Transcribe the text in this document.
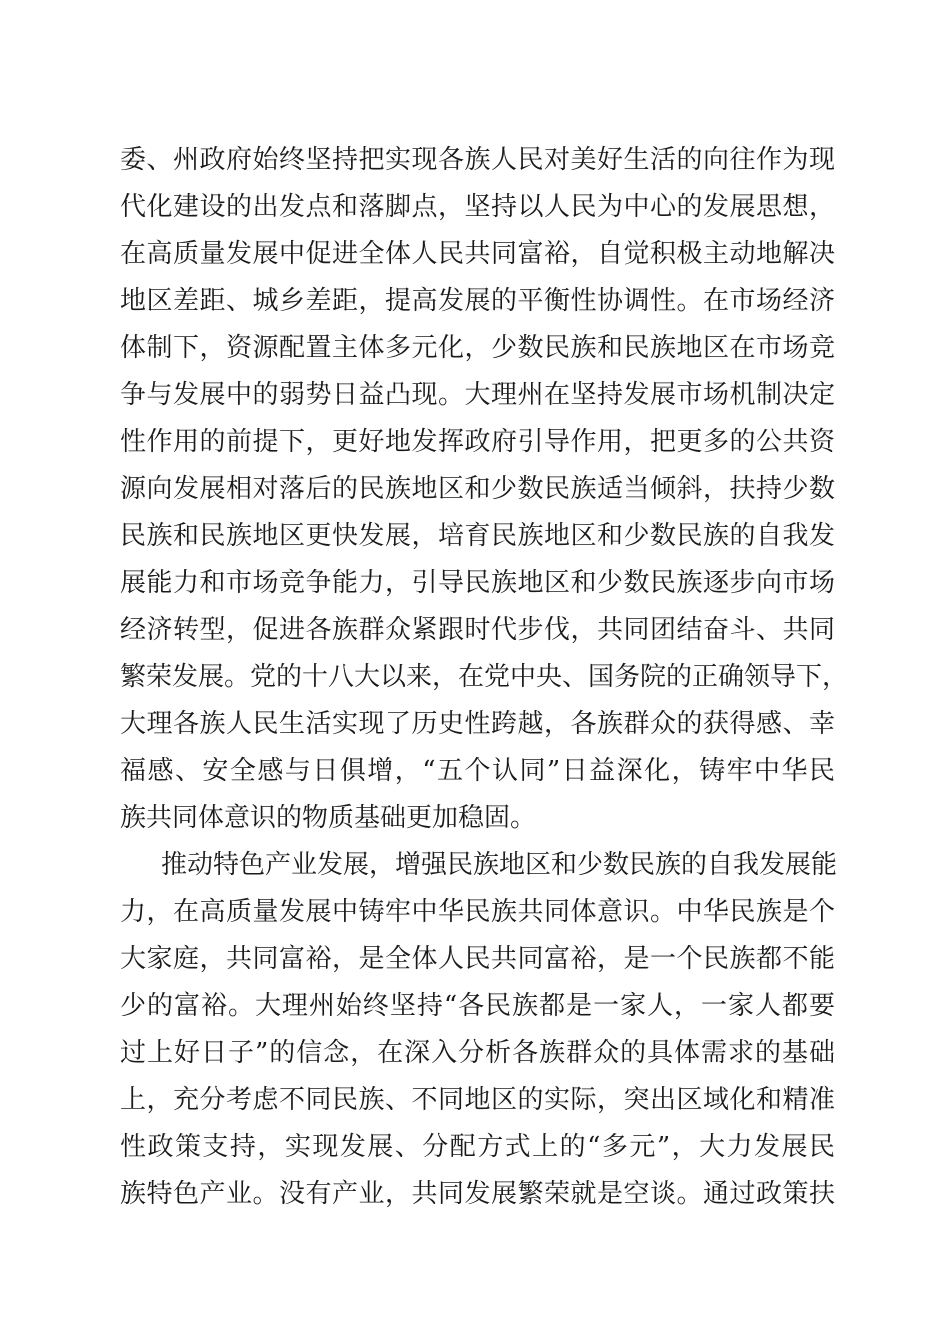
委、州政府始终坚持把实现各族人民对美好生活的向往作为现
代化建设的出发点和落脚点，坚持以人民为中心的发展思想，
在高质量发展中促进全体人民共同富裕，自觉积极主动地解决
地区差距、城乡差距，提高发展的平衡性协调性。在市场经济
体制下，资源配置主体多元化，少数民族和民族地区在市场竞
争与发展中的弱势日益凸现。大理州在坚持发展市场机制决定
性作用的前提下，更好地发挥政府引导作用，把更多的公共资
源向发展相对落后的民族地区和少数民族适当倾斜，扶持少数
民族和民族地区更快发展，培育民族地区和少数民族的自我发
展能力和市场竞争能力，引导民族地区和少数民族逐步向市场
经济转型，促进各族群众紧跟时代步伐，共同团结奋斗、共同
繁荣发展。党的十八大以来，在党中央、国务院的正确领导下，
大理各族人民生活实现了历史性跨越，各族群众的获得感、幸
福感、安全感与日俱增，“五个认同”日益深化，铸牢中华民
族共同体意识的物质基础更加稳固。
推动特色产业发展，增强民族地区和少数民族的自我发展能
力，在高质量发展中铸牢中华民族共同体意识。中华民族是个
大家庭，共同富裕，是全体人民共同富裕，是一个民族都不能
少的富裕。大理州始终坚持“各民族都是一家人，一家人都要
过上好日子”的信念，在深入分析各族群众的具体需求的基础
上，充分考虑不同民族、不同地区的实际，突出区域化和精准
性政策支持，实现发展、分配方式上的“多元”，大力发展民
族特色产业。没有产业，共同发展繁荣就是空谈。通过政策扶
